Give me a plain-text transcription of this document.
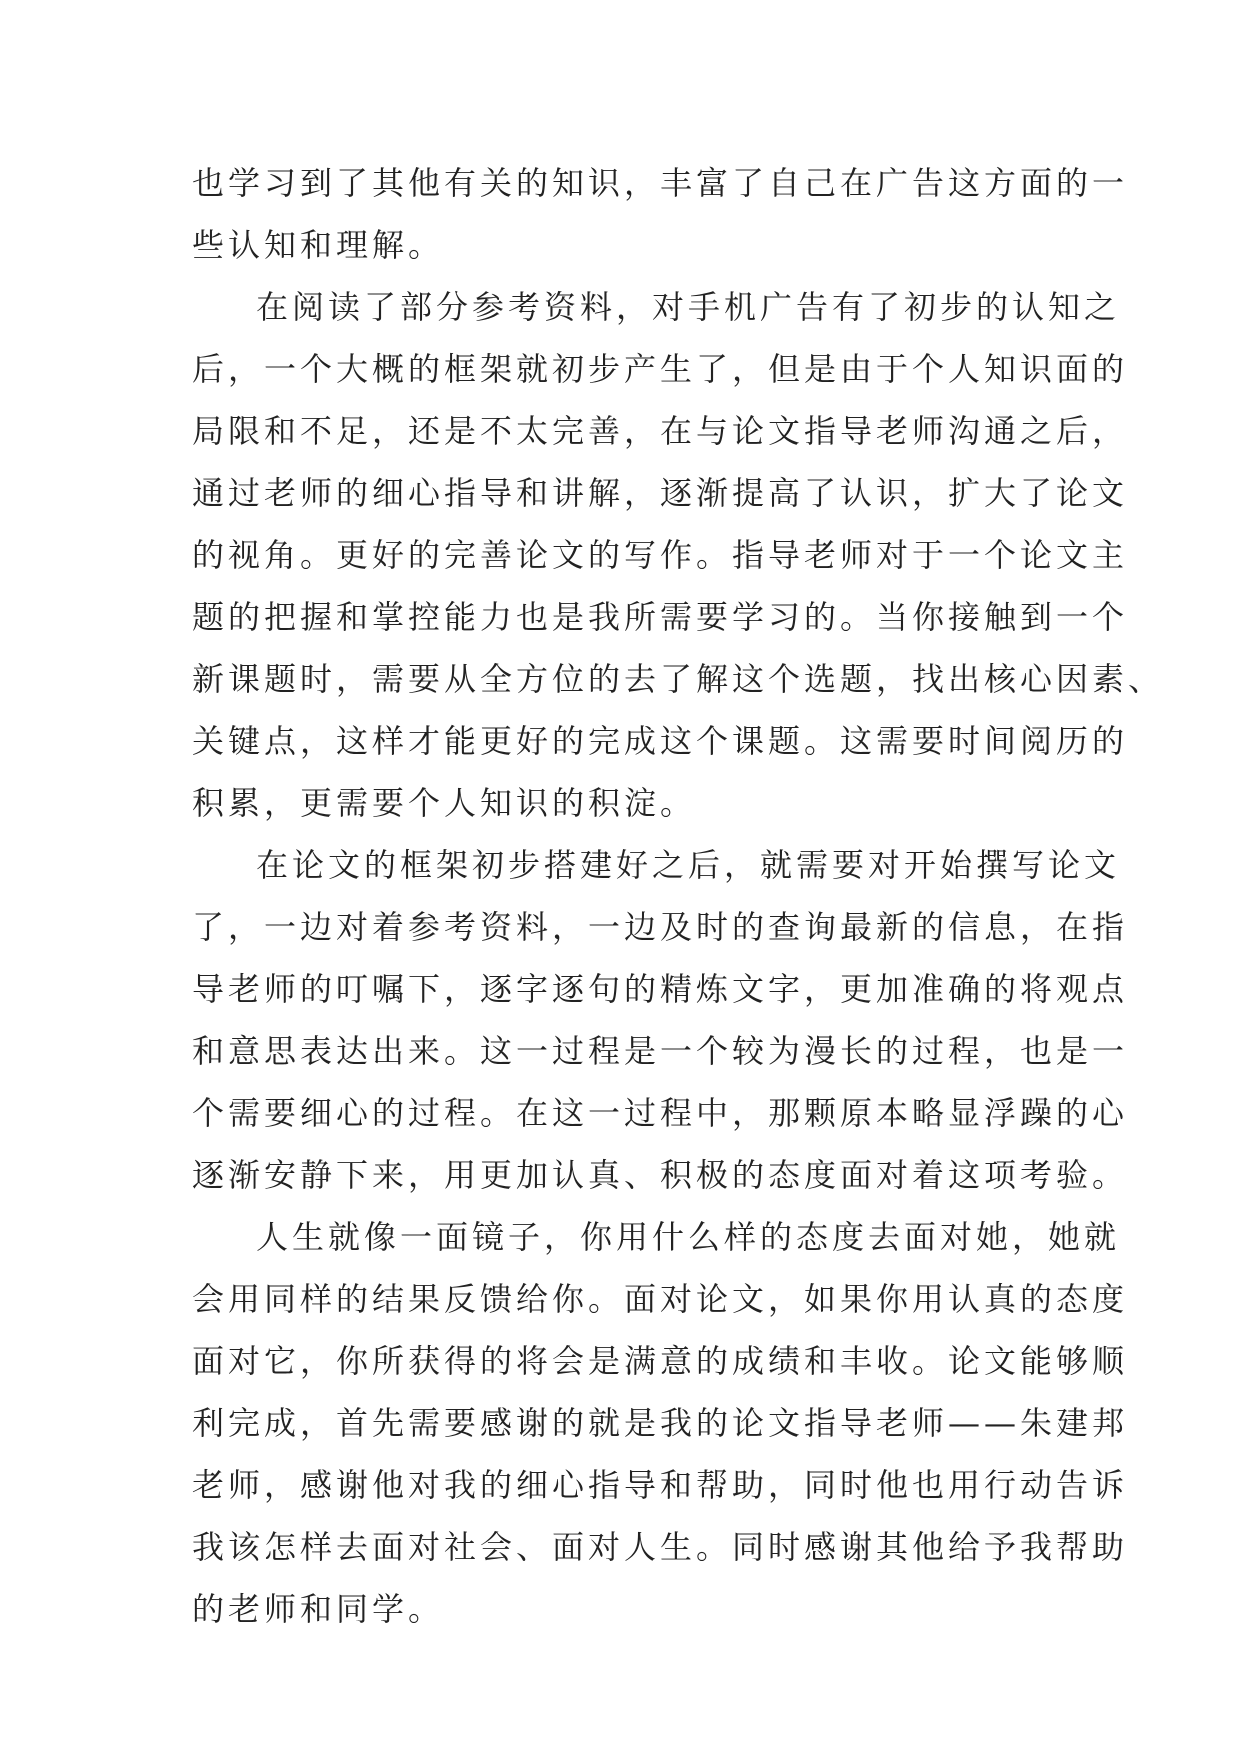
也学习到了其他有关的知识，丰富了自己在广告这方面的一
些认知和理解。
在阅读了部分参考资料，对手机广告有了初步的认知之
后，一个大概的框架就初步产生了，但是由于个人知识面的
局限和不足，还是不太完善，在与论文指导老师沟通之后，
通过老师的细心指导和讲解，逐渐提高了认识，扩大了论文
的视角。更好的完善论文的写作。指导老师对于一个论文主
题的把握和掌控能力也是我所需要学习的。当你接触到一个
新课题时，需要从全方位的去了解这个选题，找出核心因素、
关键点，这样才能更好的完成这个课题。这需要时间阅历的
积累，更需要个人知识的积淀。
在论文的框架初步搭建好之后，就需要对开始撰写论文
了，一边对着参考资料，一边及时的查询最新的信息，在指
导老师的叮嘱下，逐字逐句的精炼文字，更加准确的将观点
和意思表达出来。这一过程是一个较为漫长的过程，也是一
个需要细心的过程。在这一过程中，那颗原本略显浮躁的心
逐渐安静下来，用更加认真、积极的态度面对着这项考验。
人生就像一面镜子，你用什么样的态度去面对她，她就
会用同样的结果反馈给你。面对论文，如果你用认真的态度
面对它，你所获得的将会是满意的成绩和丰收。论文能够顺
利完成，首先需要感谢的就是我的论文指导老师——朱建邦
老师，感谢他对我的细心指导和帮助，同时他也用行动告诉
我该怎样去面对社会、面对人生。同时感谢其他给予我帮助
的老师和同学。
